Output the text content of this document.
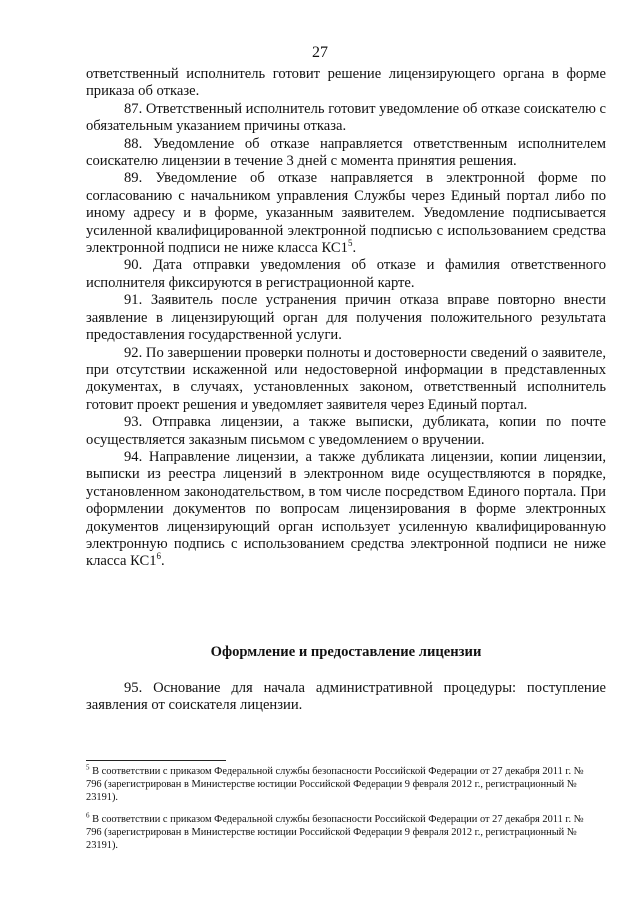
27

ответственный исполнитель готовит решение лицензирующего органа в форме приказа об отказе.

87. Ответственный исполнитель готовит уведомление об отказе соискателю с обязательным указанием причины отказа.

88. Уведомление об отказе направляется ответственным исполнителем соискателю лицензии в течение 3 дней с момента принятия решения.

89. Уведомление об отказе направляется в электронной форме по согласованию с начальником управления Службы через Единый портал либо по иному адресу и в форме, указанным заявителем. Уведомление подписывается усиленной квалифицированной электронной подписью с использованием средства электронной подписи не ниже класса $КС1^5$.

90. Дата отправки уведомления об отказе и фамилия ответственного исполнителя фиксируются в регистрационной карте.

91. Заявитель после устранения причин отказа вправе повторно внести заявление в лицензирующий орган для получения положительного результата предоставления государственной услуги.

92. По завершении проверки полноты и достоверности сведений о заявителе, при отсутствии искаженной или недостоверной информации в представленных документах, в случаях, установленных законом, ответственный исполнитель готовит проект решения и уведомляет заявителя через Единый портал.

93. Отправка лицензии, а также выписки, дубликата, копии по почте осуществляется заказным письмом с уведомлением о вручении.

94. Направление лицензии, а также дубликата лицензии, копии лицензии, выписки из реестра лицензий в электронном виде осуществляются в порядке, установленном законодательством, в том числе посредством Единого портала. При оформлении документов по вопросам лицензирования в форме электронных документов лицензирующий орган использует усиленную квалифицированную электронную подпись с использованием средства электронной подписи не ниже класса $КС1^6$.

Оформление и предоставление лицензии

95. Основание для начала административной процедуры: поступление заявления от соискателя лицензии.

$^5$ В соответствии с приказом Федеральной службы безопасности Российской Федерации от 27 декабря 2011 г. № 796 (зарегистрирован в Министерстве юстиции Российской Федерации 9 февраля 2012 г., регистрационный № 23191).
$^6$ В соответствии с приказом Федеральной службы безопасности Российской Федерации от 27 декабря 2011 г. № 796 (зарегистрирован в Министерстве юстиции Российской Федерации 9 февраля 2012 г., регистрационный № 23191).
